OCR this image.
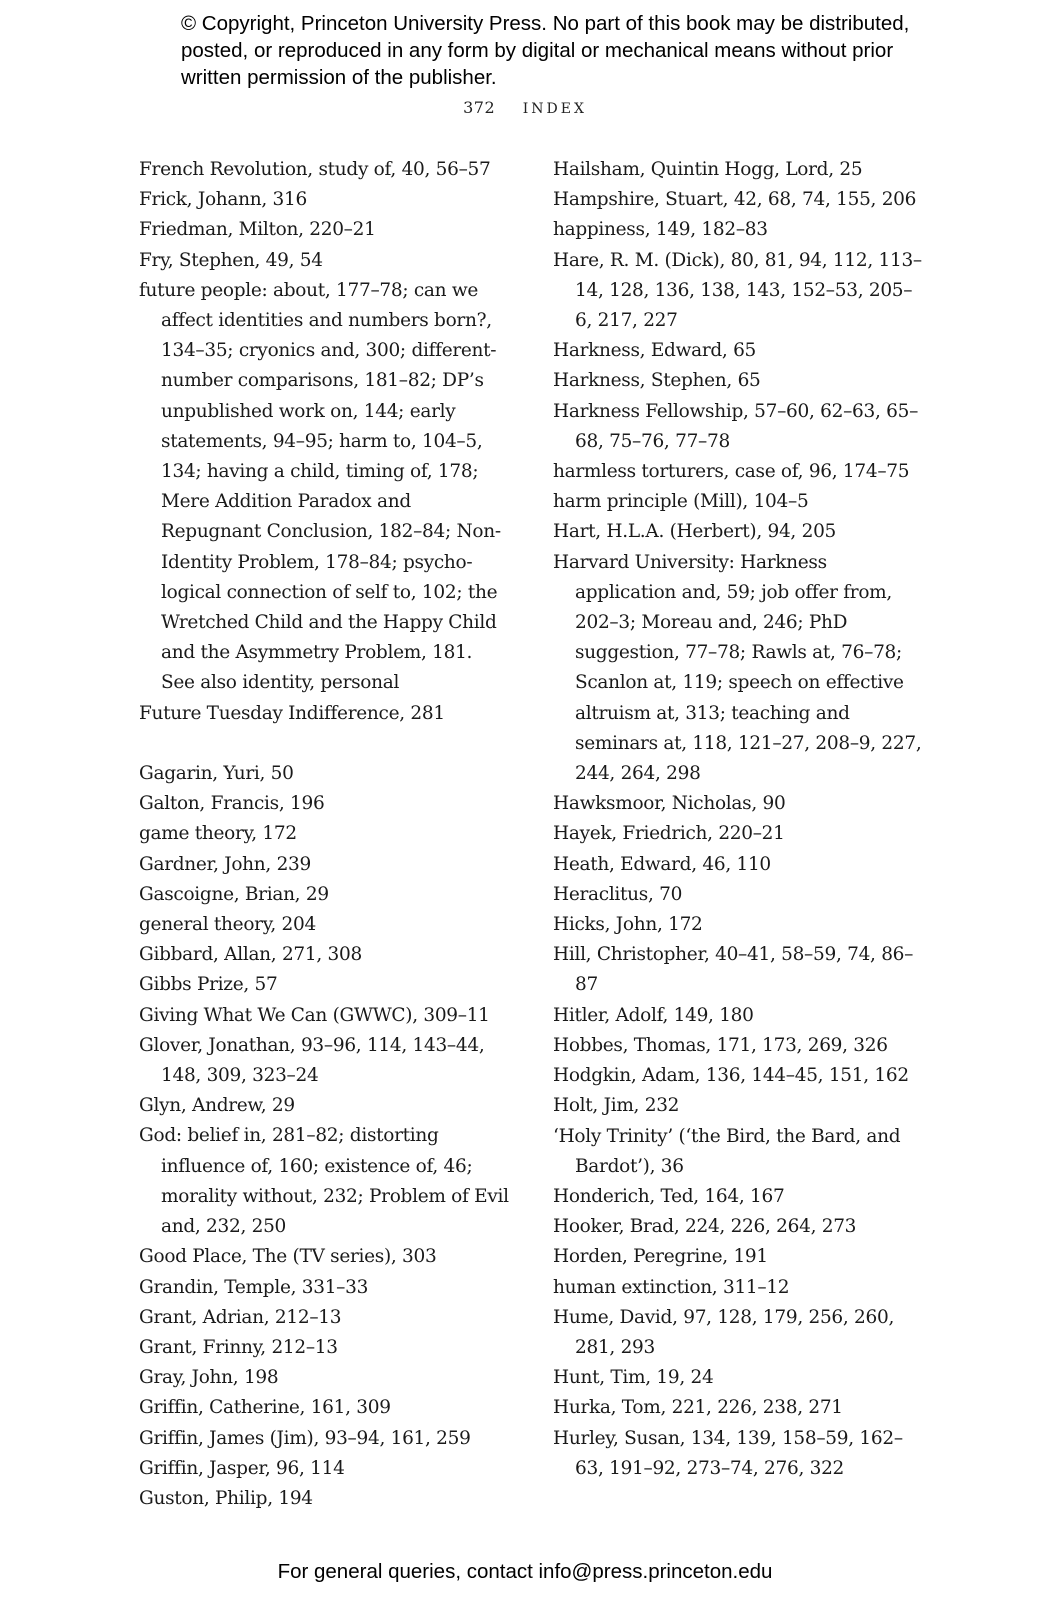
© Copyright, Princeton University Press. No part of this book may be distributed, posted, or reproduced in any form by digital or mechanical means without prior written permission of the publisher.
372 INDEX
French Revolution, study of, 40, 56–57
Frick, Johann, 316
Friedman, Milton, 220–21
Fry, Stephen, 49, 54
future people: about, 177–78; can we affect identities and numbers born?, 134–35; cryonics and, 300; different-number comparisons, 181–82; DP’s unpublished work on, 144; early statements, 94–95; harm to, 104–5, 134; having a child, timing of, 178; Mere Addition Paradox and Repugnant Conclusion, 182–84; Non-Identity Problem, 178–84; psychological connection of self to, 102; the Wretched Child and the Happy Child and the Asymmetry Problem, 181. See also identity, personal
Future Tuesday Indifference, 281
Gagarin, Yuri, 50
Galton, Francis, 196
game theory, 172
Gardner, John, 239
Gascoigne, Brian, 29
general theory, 204
Gibbard, Allan, 271, 308
Gibbs Prize, 57
Giving What We Can (GWWC), 309–11
Glover, Jonathan, 93–96, 114, 143–44, 148, 309, 323–24
Glyn, Andrew, 29
God: belief in, 281–82; distorting influence of, 160; existence of, 46; morality without, 232; Problem of Evil and, 232, 250
Good Place, The (TV series), 303
Grandin, Temple, 331–33
Grant, Adrian, 212–13
Grant, Frinny, 212–13
Gray, John, 198
Griffin, Catherine, 161, 309
Griffin, James (Jim), 93–94, 161, 259
Griffin, Jasper, 96, 114
Guston, Philip, 194
Hailsham, Quintin Hogg, Lord, 25
Hampshire, Stuart, 42, 68, 74, 155, 206
happiness, 149, 182–83
Hare, R. M. (Dick), 80, 81, 94, 112, 113–14, 128, 136, 138, 143, 152–53, 205–6, 217, 227
Harkness, Edward, 65
Harkness, Stephen, 65
Harkness Fellowship, 57–60, 62–63, 65–68, 75–76, 77–78
harmless torturers, case of, 96, 174–75
harm principle (Mill), 104–5
Hart, H.L.A. (Herbert), 94, 205
Harvard University: Harkness application and, 59; job offer from, 202–3; Moreau and, 246; PhD suggestion, 77–78; Rawls at, 76–78; Scanlon at, 119; speech on effective altruism at, 313; teaching and seminars at, 118, 121–27, 208–9, 227, 244, 264, 298
Hawksmoor, Nicholas, 90
Hayek, Friedrich, 220–21
Heath, Edward, 46, 110
Heraclitus, 70
Hicks, John, 172
Hill, Christopher, 40–41, 58–59, 74, 86–87
Hitler, Adolf, 149, 180
Hobbes, Thomas, 171, 173, 269, 326
Hodgkin, Adam, 136, 144–45, 151, 162
Holt, Jim, 232
‘Holy Trinity’ (‘the Bird, the Bard, and Bardot’), 36
Honderich, Ted, 164, 167
Hooker, Brad, 224, 226, 264, 273
Horden, Peregrine, 191
human extinction, 311–12
Hume, David, 97, 128, 179, 256, 260, 281, 293
Hunt, Tim, 19, 24
Hurka, Tom, 221, 226, 238, 271
Hurley, Susan, 134, 139, 158–59, 162–63, 191–92, 273–74, 276, 322
For general queries, contact info@press.princeton.edu
